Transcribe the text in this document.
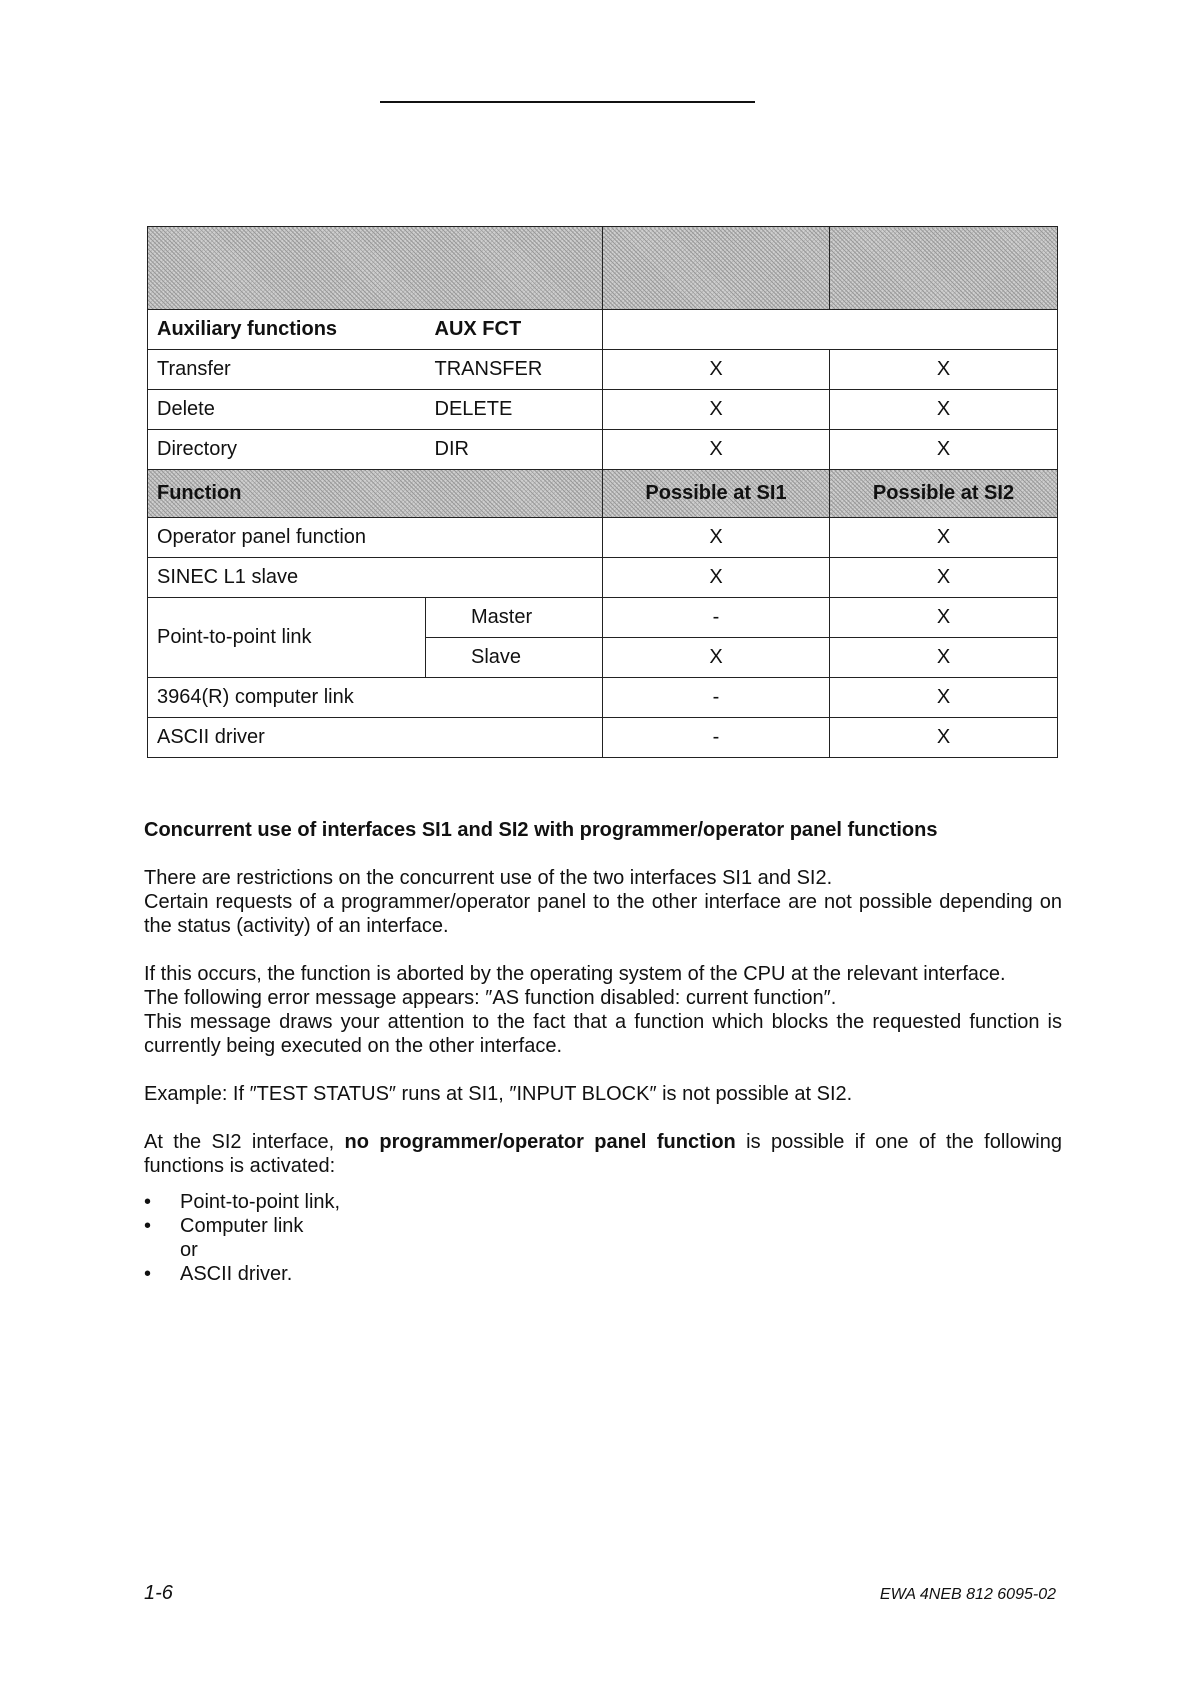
Auxiliary functions	AUX FCT		
Transfer	TRANSFER	X	X
Delete	DELETE	X	X
Directory	DIR	X	X
Function		Possible at SI1	Possible at SI2
Operator panel function		X	X
SINEC L1 slave		X	X
Point-to-point link	Master	-	X
	Slave	X	X
3964(R) computer link		-	X
ASCII driver		-	X

Concurrent use of interfaces SI1 and SI2 with programmer/operator panel functions

There are restrictions on the concurrent use of the two interfaces SI1 and SI2.

Certain requests of a programmer/operator panel to the other interface are not possible depending on the status (activity) of an interface.

If this occurs, the function is aborted by the operating system of the CPU at the relevant interface.

The following error message appears: ″AS function disabled: current function″.

This message draws your attention to the fact that a function which blocks the requested function is currently being executed on the other interface.

Example: If ″TEST STATUS″ runs at SI1, ″INPUT BLOCK″ is not possible at SI2.

At the SI2 interface, no programmer/operator panel function is possible if one of the following functions is activated:

• Point-to-point link,
• Computer link
or
• ASCII driver.
1-6	EWA 4NEB 812 6095-02
